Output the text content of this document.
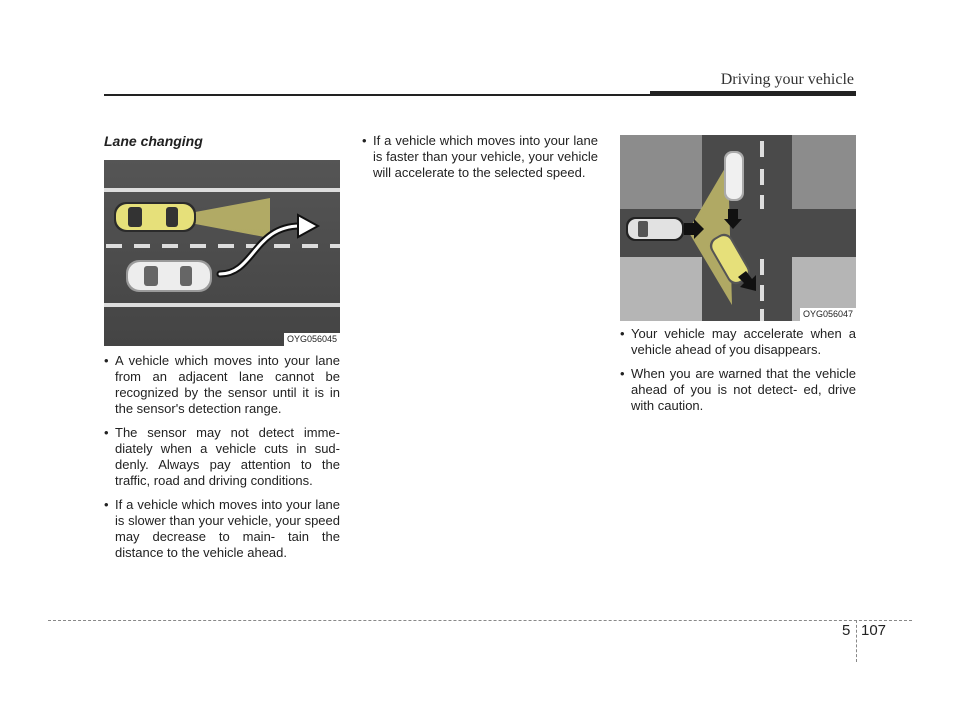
Driving your vehicle
Lane changing
OYG056045
OYG056047
• A vehicle which moves into your lane from an adjacent lane cannot be recognized by the sensor until it is in the sensor's detection range.
• The sensor may not detect imme- diately when a vehicle cuts in sud- denly. Always pay attention to the traffic, road and driving conditions.
• If a vehicle which moves into your lane is slower than your vehicle, your speed may decrease to main- tain the distance to the vehicle ahead.
• If a vehicle which moves into your lane is faster than your vehicle, your vehicle will accelerate to the selected speed.
• Your vehicle may accelerate when a vehicle ahead of you disappears.
• When you are warned that the vehicle ahead of you is not detect- ed, drive with caution.
5 107
